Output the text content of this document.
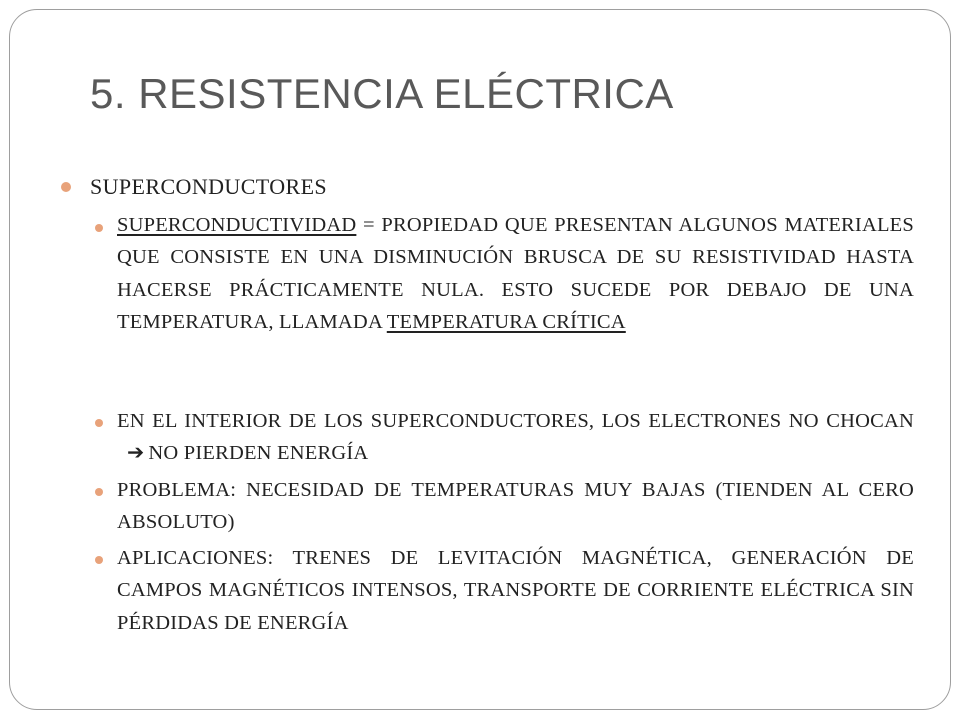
5. RESISTENCIA ELÉCTRICA
SUPERCONDUCTORES
SUPERCONDUCTIVIDAD = PROPIEDAD QUE PRESENTAN ALGUNOS MATERIALES QUE CONSISTE EN UNA DISMINUCIÓN BRUSCA DE SU RESISTIVIDAD HASTA HACERSE PRÁCTICAMENTE NULA. ESTO SUCEDE POR DEBAJO DE UNA TEMPERATURA, LLAMADA TEMPERATURA CRÍTICA
EN EL INTERIOR DE LOS SUPERCONDUCTORES, LOS ELECTRONES NO CHOCAN➔ NO PIERDEN ENERGÍA
PROBLEMA: NECESIDAD DE TEMPERATURAS MUY BAJAS (TIENDEN AL CERO ABSOLUTO)
APLICACIONES: TRENES DE LEVITACIÓN MAGNÉTICA, GENERACIÓN DE CAMPOS MAGNÉTICOS INTENSOS, TRANSPORTE DE CORRIENTE ELÉCTRICA SIN PÉRDIDAS DE ENERGÍA
